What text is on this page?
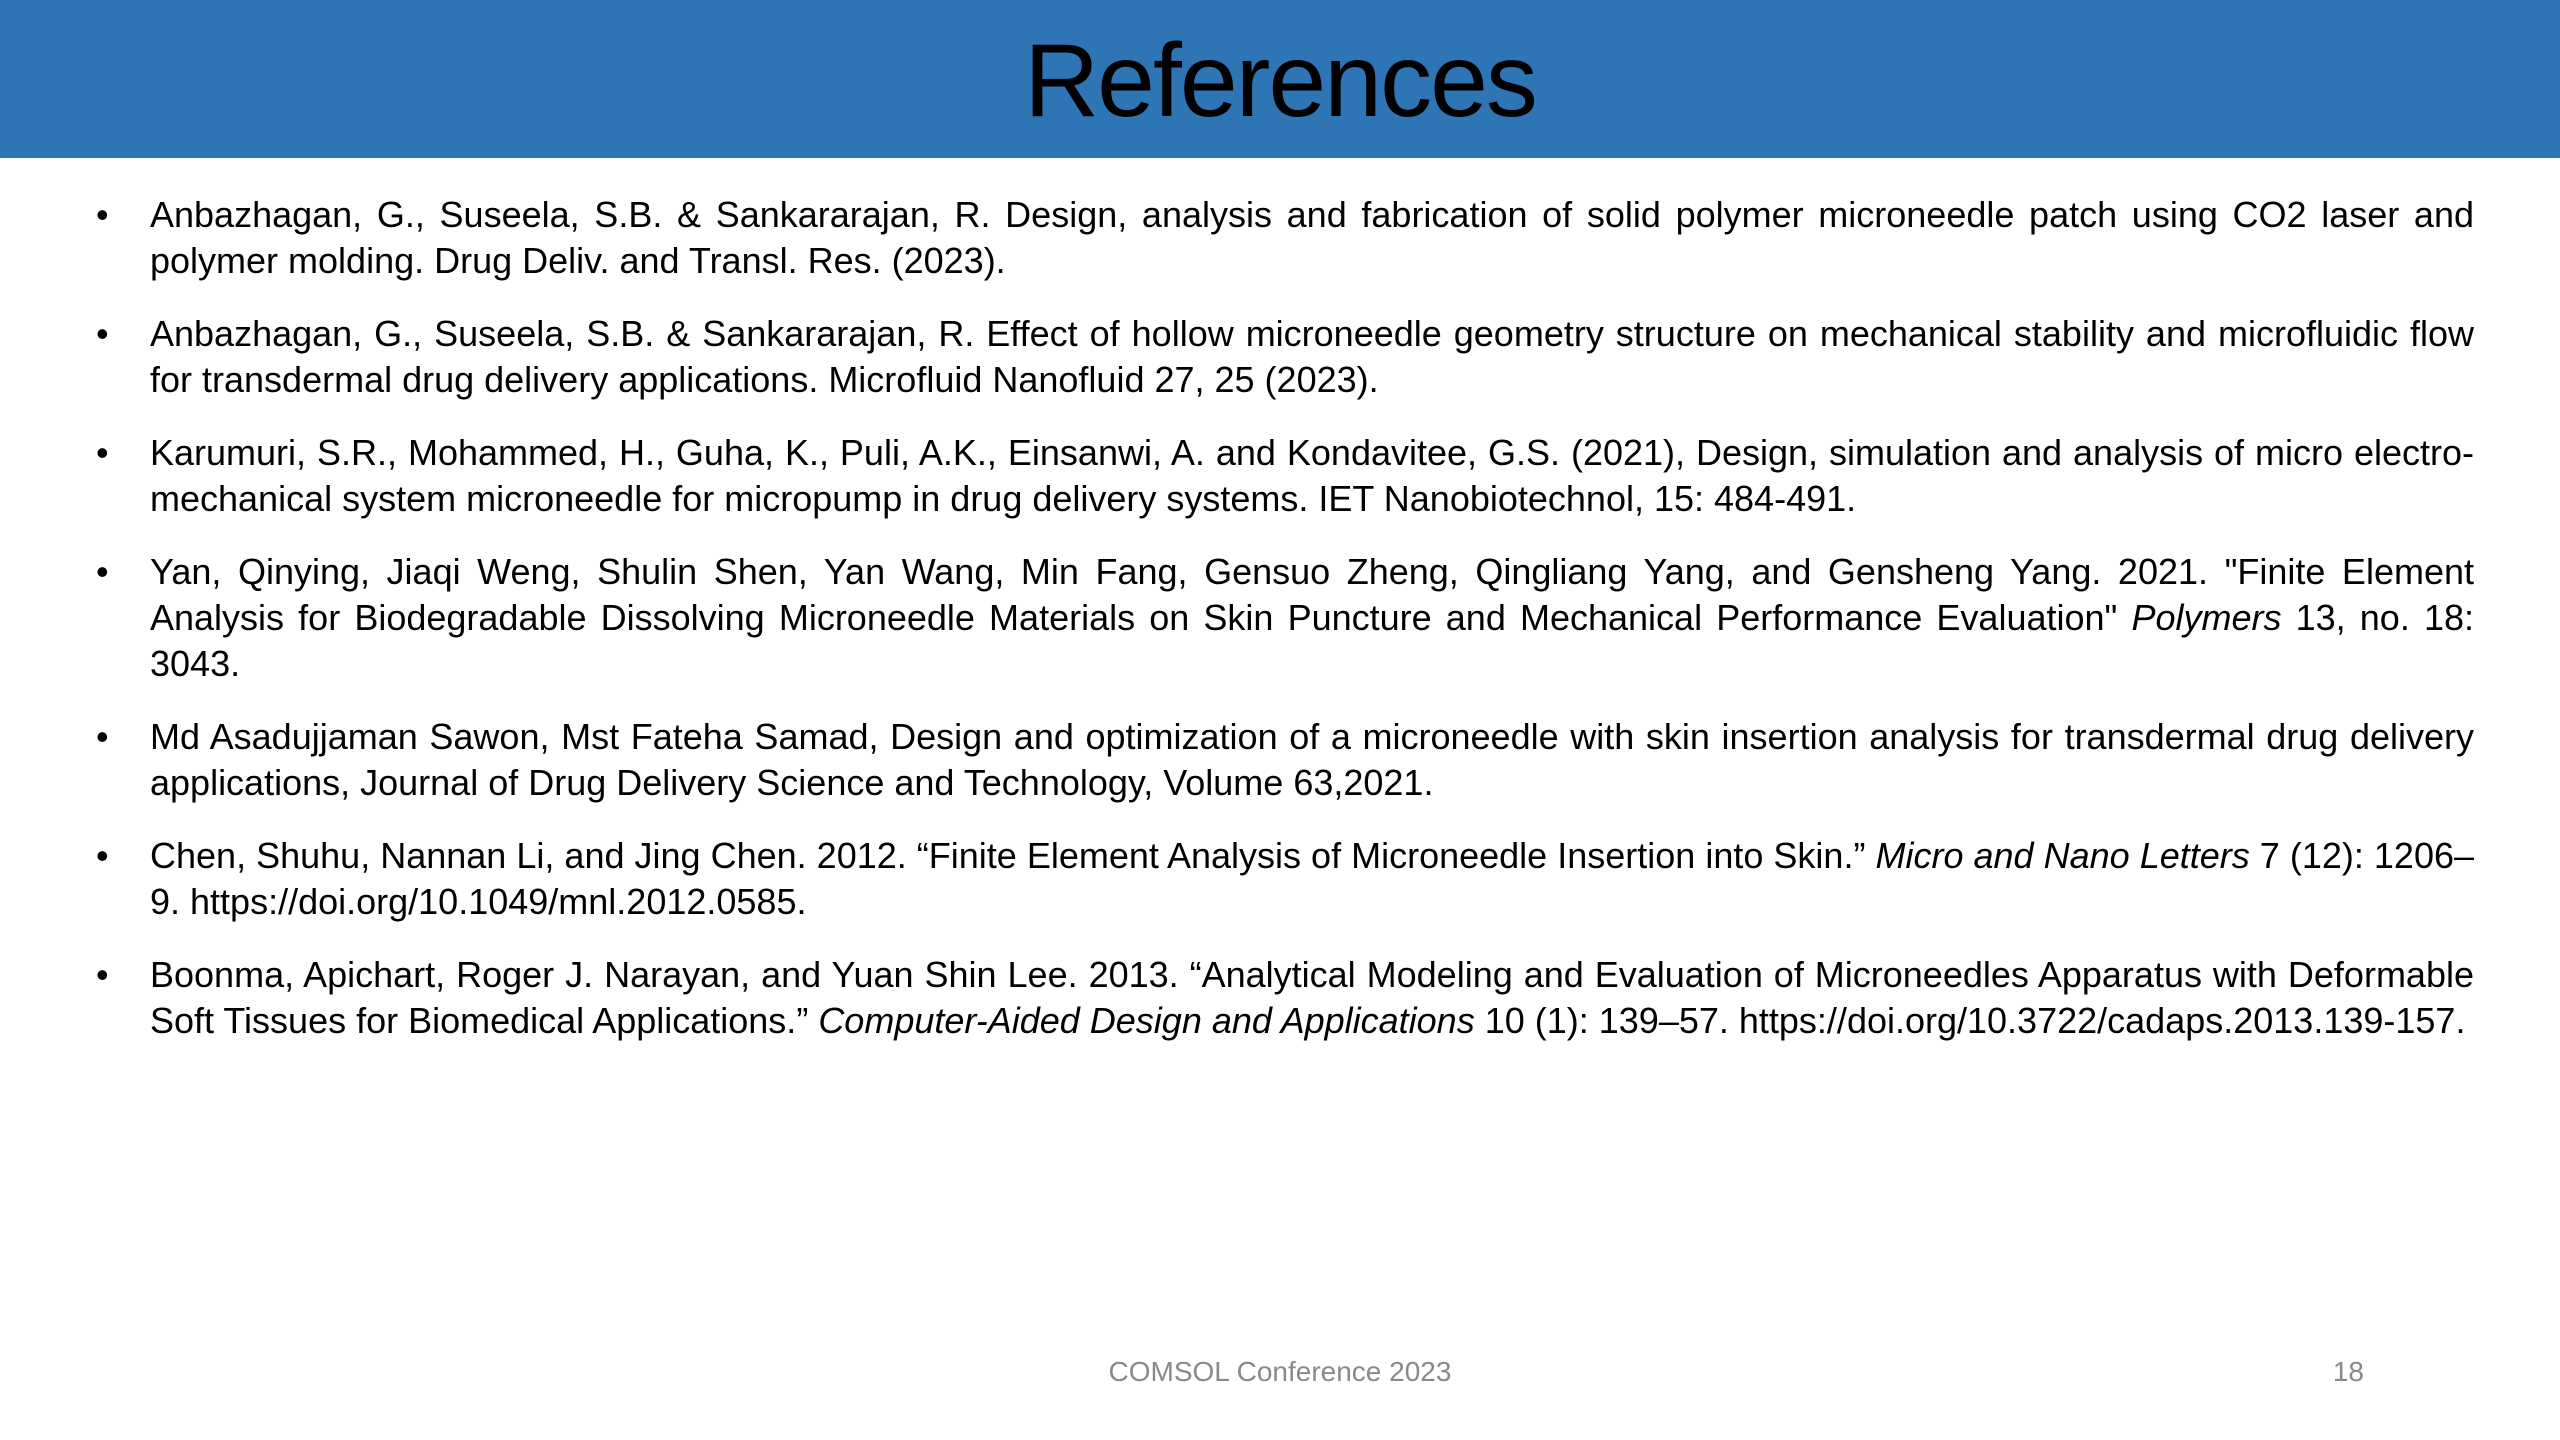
References
• Anbazhagan, G., Suseela, S.B. & Sankararajan, R. Design, analysis and fabrication of solid polymer microneedle patch using CO2 laser and polymer molding. Drug Deliv. and Transl. Res. (2023).
• Anbazhagan, G., Suseela, S.B. & Sankararajan, R. Effect of hollow microneedle geometry structure on mechanical stability and microfluidic flow for transdermal drug delivery applications. Microfluid Nanofluid 27, 25 (2023).
• Karumuri, S.R., Mohammed, H., Guha, K., Puli, A.K., Einsanwi, A. and Kondavitee, G.S. (2021), Design, simulation and analysis of micro electro-mechanical system microneedle for micropump in drug delivery systems. IET Nanobiotechnol, 15: 484-491.
• Yan, Qinying, Jiaqi Weng, Shulin Shen, Yan Wang, Min Fang, Gensuo Zheng, Qingliang Yang, and Gensheng Yang. 2021. "Finite Element Analysis for Biodegradable Dissolving Microneedle Materials on Skin Puncture and Mechanical Performance Evaluation" Polymers 13, no. 18: 3043.
• Md Asadujjaman Sawon, Mst Fateha Samad, Design and optimization of a microneedle with skin insertion analysis for transdermal drug delivery applications, Journal of Drug Delivery Science and Technology, Volume 63,2021.
• Chen, Shuhu, Nannan Li, and Jing Chen. 2012. “Finite Element Analysis of Microneedle Insertion into Skin.” Micro and Nano Letters 7 (12): 1206–9. https://doi.org/10.1049/mnl.2012.0585.
• Boonma, Apichart, Roger J. Narayan, and Yuan Shin Lee. 2013. “Analytical Modeling and Evaluation of Microneedles Apparatus with Deformable Soft Tissues for Biomedical Applications.” Computer-Aided Design and Applications 10 (1): 139–57. https://doi.org/10.3722/cadaps.2013.139-157.
COMSOL Conference 2023	18
